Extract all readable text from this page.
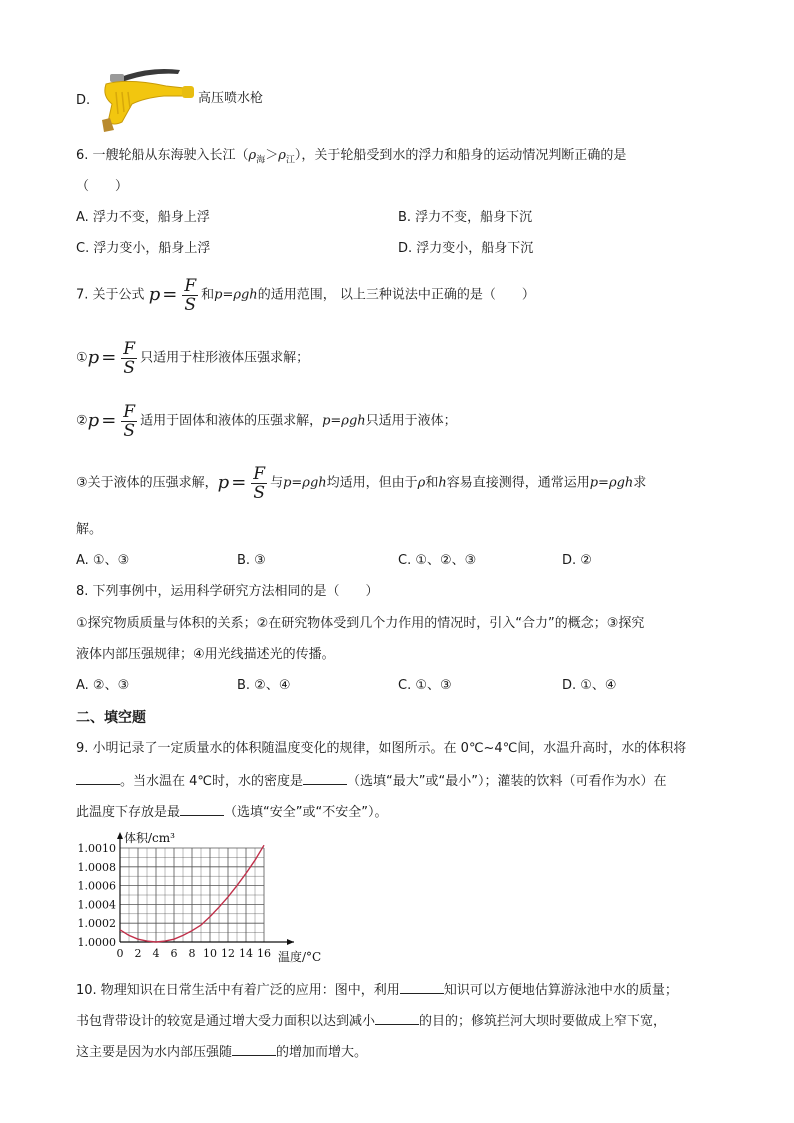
D.	高压喷水枪
6. 一艘轮船从东海驶入长江$(\rho_海>\rho_江)$，关于轮船受到水的浮力和船身的运动情况判断正确的是
（　　）
A. 浮力不变，船身上浮	B. 浮力不变，船身下沉
C. 浮力变小，船身上浮	D. 浮力变小，船身下沉
7. 关于公式 $p = \frac{F}{S}$ 和p=ρgh的适用范围， 以上三种说法中正确的是（　　）
①p = $\frac{F}{S}$ 只适用于柱形液体压强求解；
②p = $\frac{F}{S}$ 适用于固体和液体的压强求解，p=ρgh只适用于液体；
③关于液体的压强求解，$p = \frac{F}{S}$ 与p=ρgh均适用，但由于ρ和h容易直接测得，通常运用p=ρgh求
解。
A. ①、③	B. ③	C. ①、②、③	D. ②
8. 下列事例中，运用科学研究方法相同的是（　　）
①探究物质质量与体积的关系；②在研究物体受到几个力作用的情况时，引入“合力”的概念；③探究
液体内部压强规律；④用光线描述光的传播。
A. ②、③	B. ②、④	C. ①、③	D. ①、④
二、填空题
9. 小明记录了一定质量水的体积随温度变化的规律，如图所示。在 0℃~4℃间，水温升高时，水的体积将
。当水温在 4℃时，水的密度是	（选填“最大”或“最小”）；灌装的饮料（可看作为水）在
此温度下存放是最	（选填“安全”或“不安全”）。
1.0000
1.0002
1.0004
1.0006
1.0008
1.0010
0 2 4 6 8 10 12 14 16
体积/cm³
温度/°C
10. 物理知识在日常生活中有着广泛的应用：图中，利用	知识可以方便地估算游泳池中水的质量；
书包背带设计的较宽是通过增大受力面积以达到减小	的目的；修筑拦河大坝时要做成上窄下宽，
这主要是因为水内部压强随	的增加而增大。
